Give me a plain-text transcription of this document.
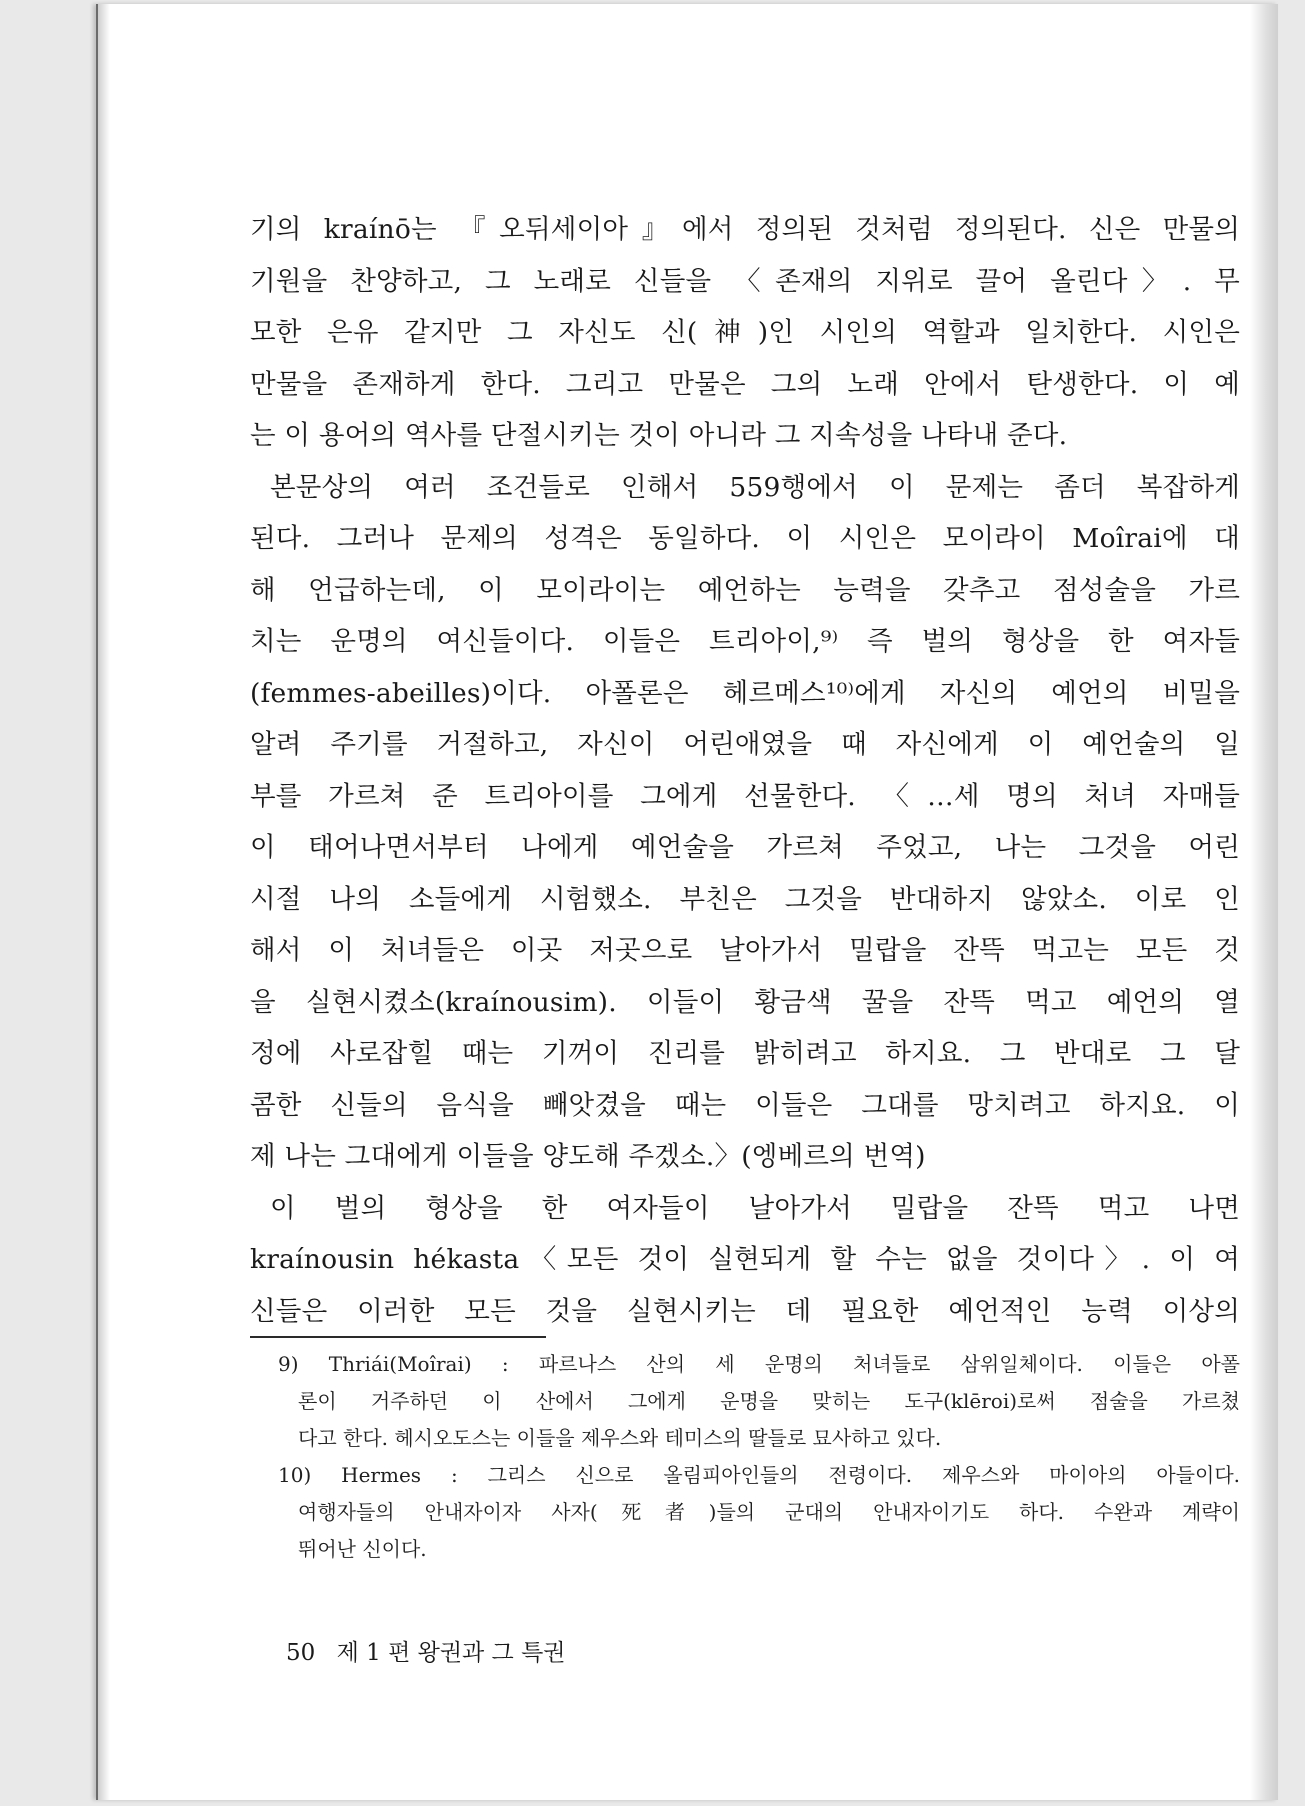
기의 kraínō는 『오뒤세이아』에서 정의된 것처럼 정의된다. 신은 만물의
기원을 찬양하고, 그 노래로 신들을 〈존재의 지위로 끌어 올린다〉. 무
모한 은유 같지만 그 자신도 신(神)인 시인의 역할과 일치한다. 시인은
만물을 존재하게 한다. 그리고 만물은 그의 노래 안에서 탄생한다. 이 예
는 이 용어의 역사를 단절시키는 것이 아니라 그 지속성을 나타내 준다.
본문상의 여러 조건들로 인해서 559행에서 이 문제는 좀더 복잡하게
된다. 그러나 문제의 성격은 동일하다. 이 시인은 모이라이 Moîrai에 대
해 언급하는데, 이 모이라이는 예언하는 능력을 갖추고 점성술을 가르
치는 운명의 여신들이다. 이들은 트리아이,⁹⁾ 즉 벌의 형상을 한 여자들
(femmes-abeilles)이다. 아폴론은 헤르메스¹⁰⁾에게 자신의 예언의 비밀을
알려 주기를 거절하고, 자신이 어린애였을 때 자신에게 이 예언술의 일
부를 가르쳐 준 트리아이를 그에게 선물한다. 〈…세 명의 처녀 자매들
이 태어나면서부터 나에게 예언술을 가르쳐 주었고, 나는 그것을 어린
시절 나의 소들에게 시험했소. 부친은 그것을 반대하지 않았소. 이로 인
해서 이 처녀들은 이곳 저곳으로 날아가서 밀랍을 잔뜩 먹고는 모든 것
을 실현시켰소(kraínousim). 이들이 황금색 꿀을 잔뜩 먹고 예언의 열
정에 사로잡힐 때는 기꺼이 진리를 밝히려고 하지요. 그 반대로 그 달
콤한 신들의 음식을 빼앗겼을 때는 이들은 그대를 망치려고 하지요. 이
제 나는 그대에게 이들을 양도해 주겠소.〉(엥베르의 번역)
이 벌의 형상을 한 여자들이 날아가서 밀랍을 잔뜩 먹고 나면
kraínousin hékasta〈모든 것이 실현되게 할 수는 없을 것이다〉. 이 여
신들은 이러한 모든 것을 실현시키는 데 필요한 예언적인 능력 이상의
9) Thriái(Moîrai) : 파르나스 산의 세 운명의 처녀들로 삼위일체이다. 이들은 아폴
론이 거주하던 이 산에서 그에게 운명을 맞히는 도구(klēroi)로써 점술을 가르쳤
다고 한다. 헤시오도스는 이들을 제우스와 테미스의 딸들로 묘사하고 있다.
10) Hermes : 그리스 신으로 올림피아인들의 전령이다. 제우스와 마이아의 아들이다.
여행자들의 안내자이자 사자(死者)들의 군대의 안내자이기도 하다. 수완과 계략이
뛰어난 신이다.
50 제 1 편 왕권과 그 특권
